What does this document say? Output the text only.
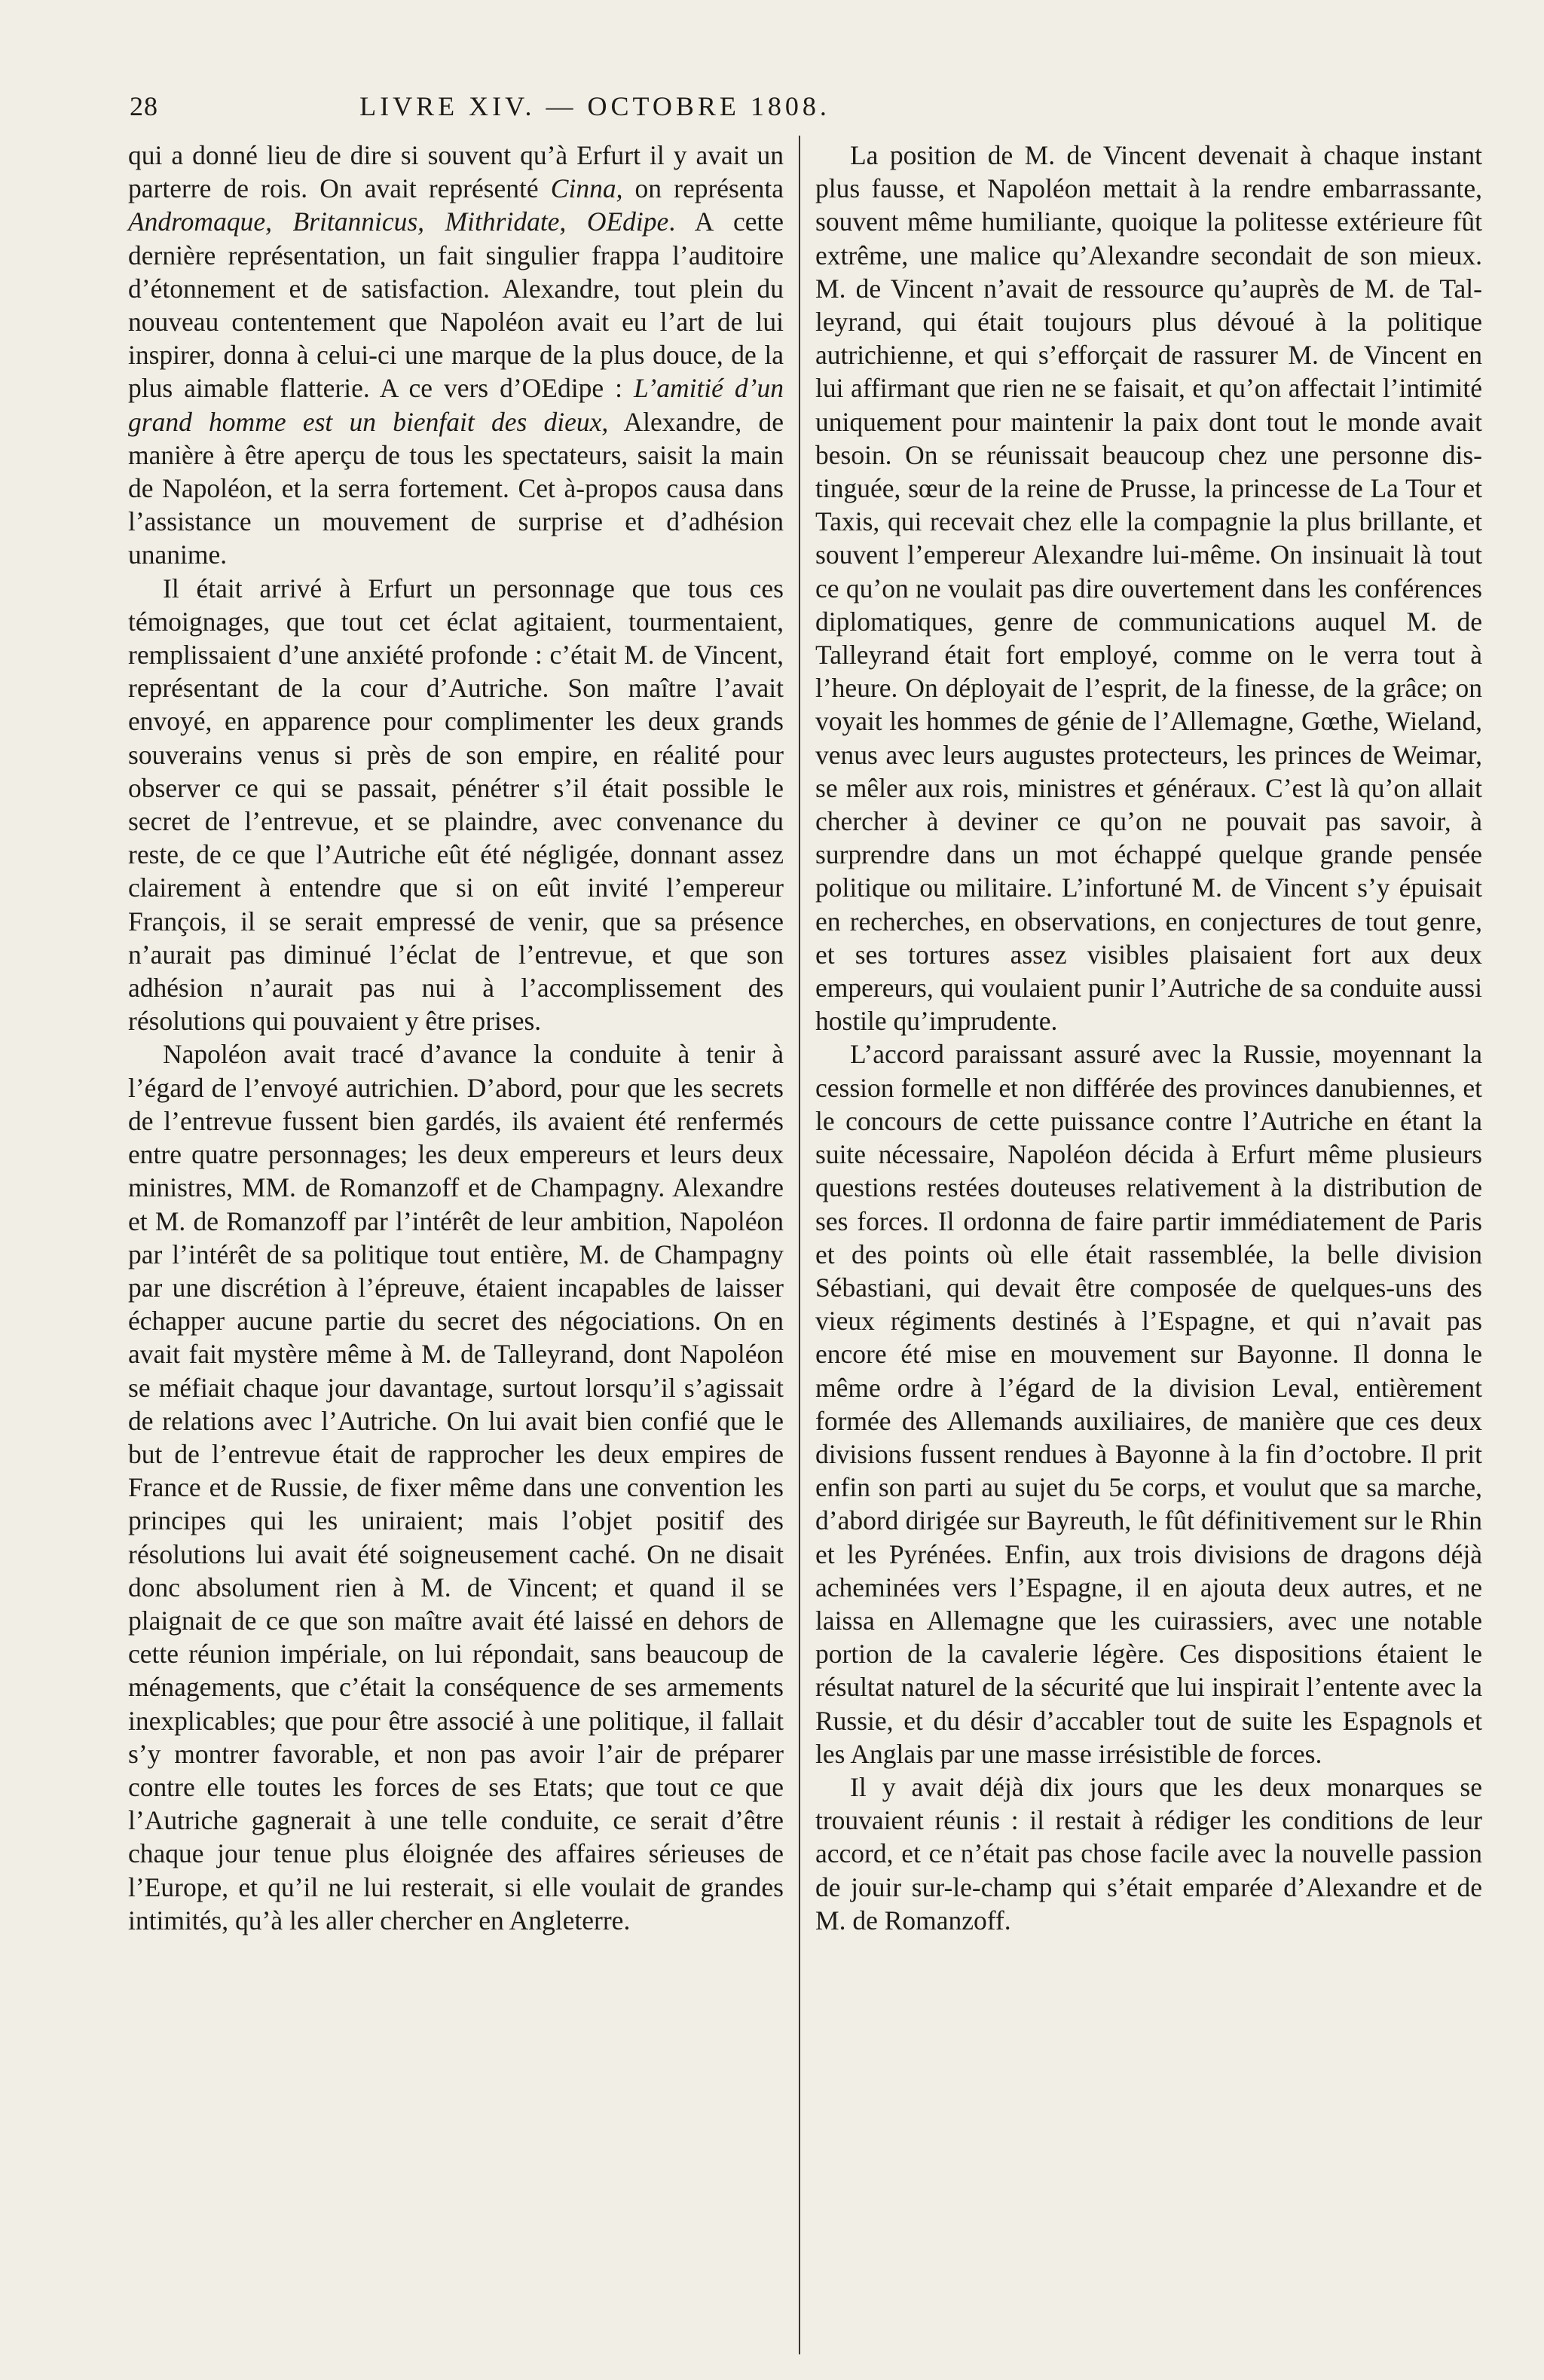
28	LIVRE XIV. — OCTOBRE 1808.

qui a donné lieu de dire si souvent qu’à Erfurt il y avait un parterre de rois. On avait représenté Cinna, on représenta Andromaque, Britannicus, Mithridate, OEdipe. A cette dernière représentation, un fait singulier frappa l’auditoire d’étonnement et de satisfaction. Alexandre, tout plein du nouveau contentement que Napoléon avait eu l’art de lui inspirer, donna à celui-ci une marque de la plus douce, de la plus aimable flatterie. A ce vers d’OEdipe : L’amitié d’un grand homme est un bienfait des dieux, Alexandre, de manière à être aperçu de tous les spectateurs, saisit la main de Napoléon, et la serra fortement. Cet à-propos causa dans l’assistance un mouvement de surprise et d’adhésion unanime.

Il était arrivé à Erfurt un personnage que tous ces témoignages, que tout cet éclat agitaient, tourmentaient, remplissaient d’une anxiété profonde : c’était M. de Vincent, représentant de la cour d’Autriche. Son maître l’avait envoyé, en apparence pour complimenter les deux grands souverains venus si près de son empire, en réalité pour observer ce qui se passait, pénétrer s’il était possible le secret de l’entrevue, et se plaindre, avec convenance du reste, de ce que l’Autriche eût été négligée, donnant assez clairement à entendre que si on eût invité l’empereur François, il se serait empressé de venir, que sa présence n’aurait pas diminué l’éclat de l’entrevue, et que son adhésion n’aurait pas nui à l’accomplissement des résolutions qui pouvaient y être prises.

Napoléon avait tracé d’avance la conduite à tenir à l’égard de l’envoyé autrichien. D’abord, pour que les secrets de l’entrevue fussent bien gardés, ils avaient été renfermés entre quatre personnages; les deux empereurs et leurs deux ministres, MM. de Romanzoff et de Champagny. Alexandre et M. de Romanzoff par l’intérêt de leur ambition, Napoléon par l’intérêt de sa politique tout entière, M. de Champagny par une discrétion à l’épreuve, étaient incapables de laisser échapper aucune partie du secret des négociations. On en avait fait mystère même à M. de Talleyrand, dont Napoléon se méfiait chaque jour davantage, surtout lorsqu’il s’agissait de relations avec l’Autriche. On lui avait bien confié que le but de l’entrevue était de rapprocher les deux empires de France et de Russie, de fixer même dans une convention les principes qui les uniraient; mais l’objet positif des résolutions lui avait été soigneusement caché. On ne disait donc absolument rien à M. de Vincent; et quand il se plaignait de ce que son maître avait été laissé en dehors de cette réunion impériale, on lui répondait, sans beaucoup de ménagements, que c’était la conséquence de ses armements inexplicables; que pour être associé à une politique, il fallait s’y montrer favorable, et non pas avoir l’air de préparer contre elle toutes les forces de ses Etats; que tout ce que l’Autriche gagnerait à une telle conduite, ce serait d’être chaque jour tenue plus éloignée des affaires sérieuses de l’Europe, et qu’il ne lui resterait, si elle voulait de grandes intimités, qu’à les aller chercher en Angleterre.

La position de M. de Vincent devenait à chaque instant plus fausse, et Napoléon mettait à la rendre embarrassante, souvent même humiliante, quoique la politesse extérieure fût extrême, une malice qu’Alexandre secondait de son mieux. M. de Vincent n’avait de ressource qu’auprès de M. de Talleyrand, qui était toujours plus dévoué à la politique autrichienne, et qui s’efforçait de rassurer M. de Vincent en lui affirmant que rien ne se faisait, et qu’on affectait l’intimité uniquement pour maintenir la paix dont tout le monde avait besoin. On se réunissait beaucoup chez une personne distinguée, sœur de la reine de Prusse, la princesse de La Tour et Taxis, qui recevait chez elle la compagnie la plus brillante, et souvent l’empereur Alexandre lui-même. On insinuait là tout ce qu’on ne voulait pas dire ouvertement dans les conférences diplomatiques, genre de communications auquel M. de Talleyrand était fort employé, comme on le verra tout à l’heure. On déployait de l’esprit, de la finesse, de la grâce; on voyait les hommes de génie de l’Allemagne, Gœthe, Wieland, venus avec leurs augustes protecteurs, les princes de Weimar, se mêler aux rois, ministres et généraux. C’est là qu’on allait chercher à deviner ce qu’on ne pouvait pas savoir, à surprendre dans un mot échappé quelque grande pensée politique ou militaire. L’infortuné M. de Vincent s’y épuisait en recherches, en observations, en conjectures de tout genre, et ses tortures assez visibles plaisaient fort aux deux empereurs, qui voulaient punir l’Autriche de sa conduite aussi hostile qu’imprudente.

L’accord paraissant assuré avec la Russie, moyennant la cession formelle et non différée des provinces danubiennes, et le concours de cette puissance contre l’Autriche en étant la suite nécessaire, Napoléon décida à Erfurt même plusieurs questions restées douteuses relativement à la distribution de ses forces. Il ordonna de faire partir immédiatement de Paris et des points où elle était rassemblée, la belle division Sébastiani, qui devait être composée de quelques-uns des vieux régiments destinés à l’Espagne, et qui n’avait pas encore été mise en mouvement sur Bayonne. Il donna le même ordre à l’égard de la division Leval, entièrement formée des Allemands auxiliaires, de manière que ces deux divisions fussent rendues à Bayonne à la fin d’octobre. Il prit enfin son parti au sujet du 5e corps, et voulut que sa marche, d’abord dirigée sur Bayreuth, le fût définitivement sur le Rhin et les Pyrénées. Enfin, aux trois divisions de dragons déjà acheminées vers l’Espagne, il en ajouta deux autres, et ne laissa en Allemagne que les cuirassiers, avec une notable portion de la cavalerie légère. Ces dispositions étaient le résultat naturel de la sécurité que lui inspirait l’entente avec la Russie, et du désir d’accabler tout de suite les Espagnols et les Anglais par une masse irrésistible de forces.

Il y avait déjà dix jours que les deux monarques se trouvaient réunis : il restait à rédiger les conditions de leur accord, et ce n’était pas chose facile avec la nouvelle passion de jouir sur-le-champ qui s’était emparée d’Alexandre et de M. de Romanzoff.
